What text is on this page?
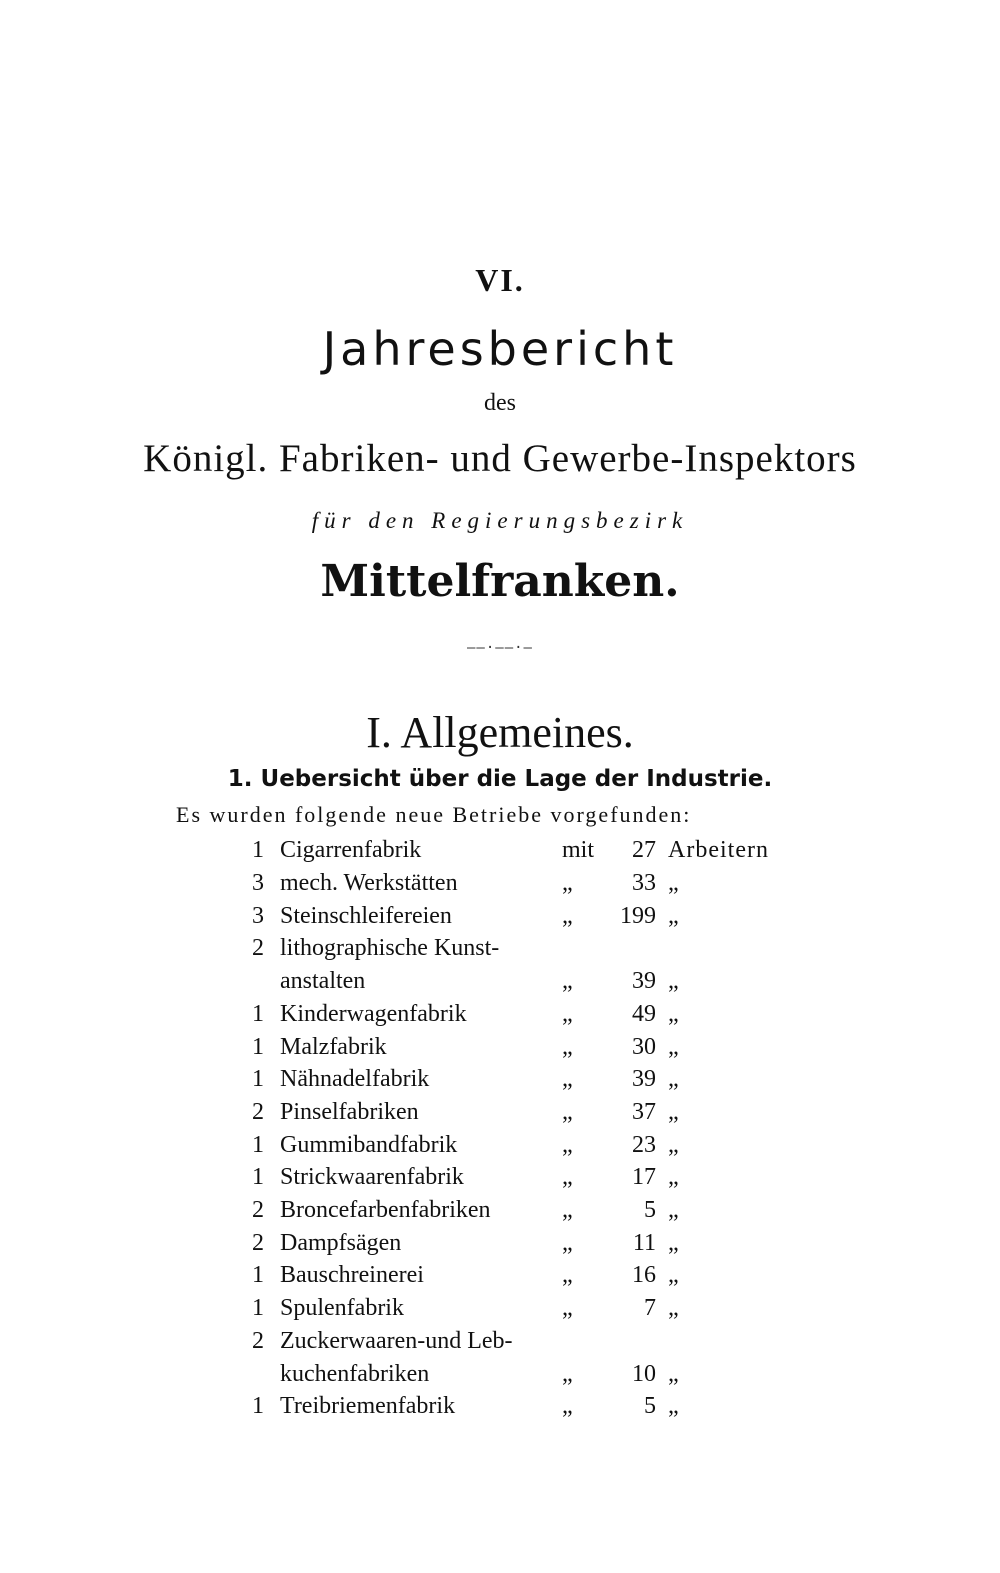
VI.
Jahresbericht
des
Königl. Fabriken- und Gewerbe-Inspektors
für den Regierungsbezirk
Mittelfranken.
——·——·—
I. Allgemeines.
1. Uebersicht über die Lage der Industrie.
Es wurden folgende neue Betriebe vorgefunden:
1 Cigarrenfabrik	mit 27 Arbeitern
3 mech. Werkstätten	„ 33 „
3 Steinschleifereien	„ 199 „
2 lithographische Kunst-
anstalten	„ 39 „
1 Kinderwagenfabrik	„ 49 „
1 Malzfabrik	„ 30 „
1 Nähnadelfabrik	„ 39 „
2 Pinselfabriken	„ 37 „
1 Gummibandfabrik	„ 23 „
1 Strickwaarenfabrik	„ 17 „
2 Broncefarbenfabriken	„	5 „
2 Dampfsägen	„	11 „
1 Bauschreinerei	„ 16 „
1 Spulenfabrik	„	7 „
2 Zuckerwaaren-und Leb-
kuchenfabriken	„ 10 „
1 Treibriemenfabrik	„	5 „
